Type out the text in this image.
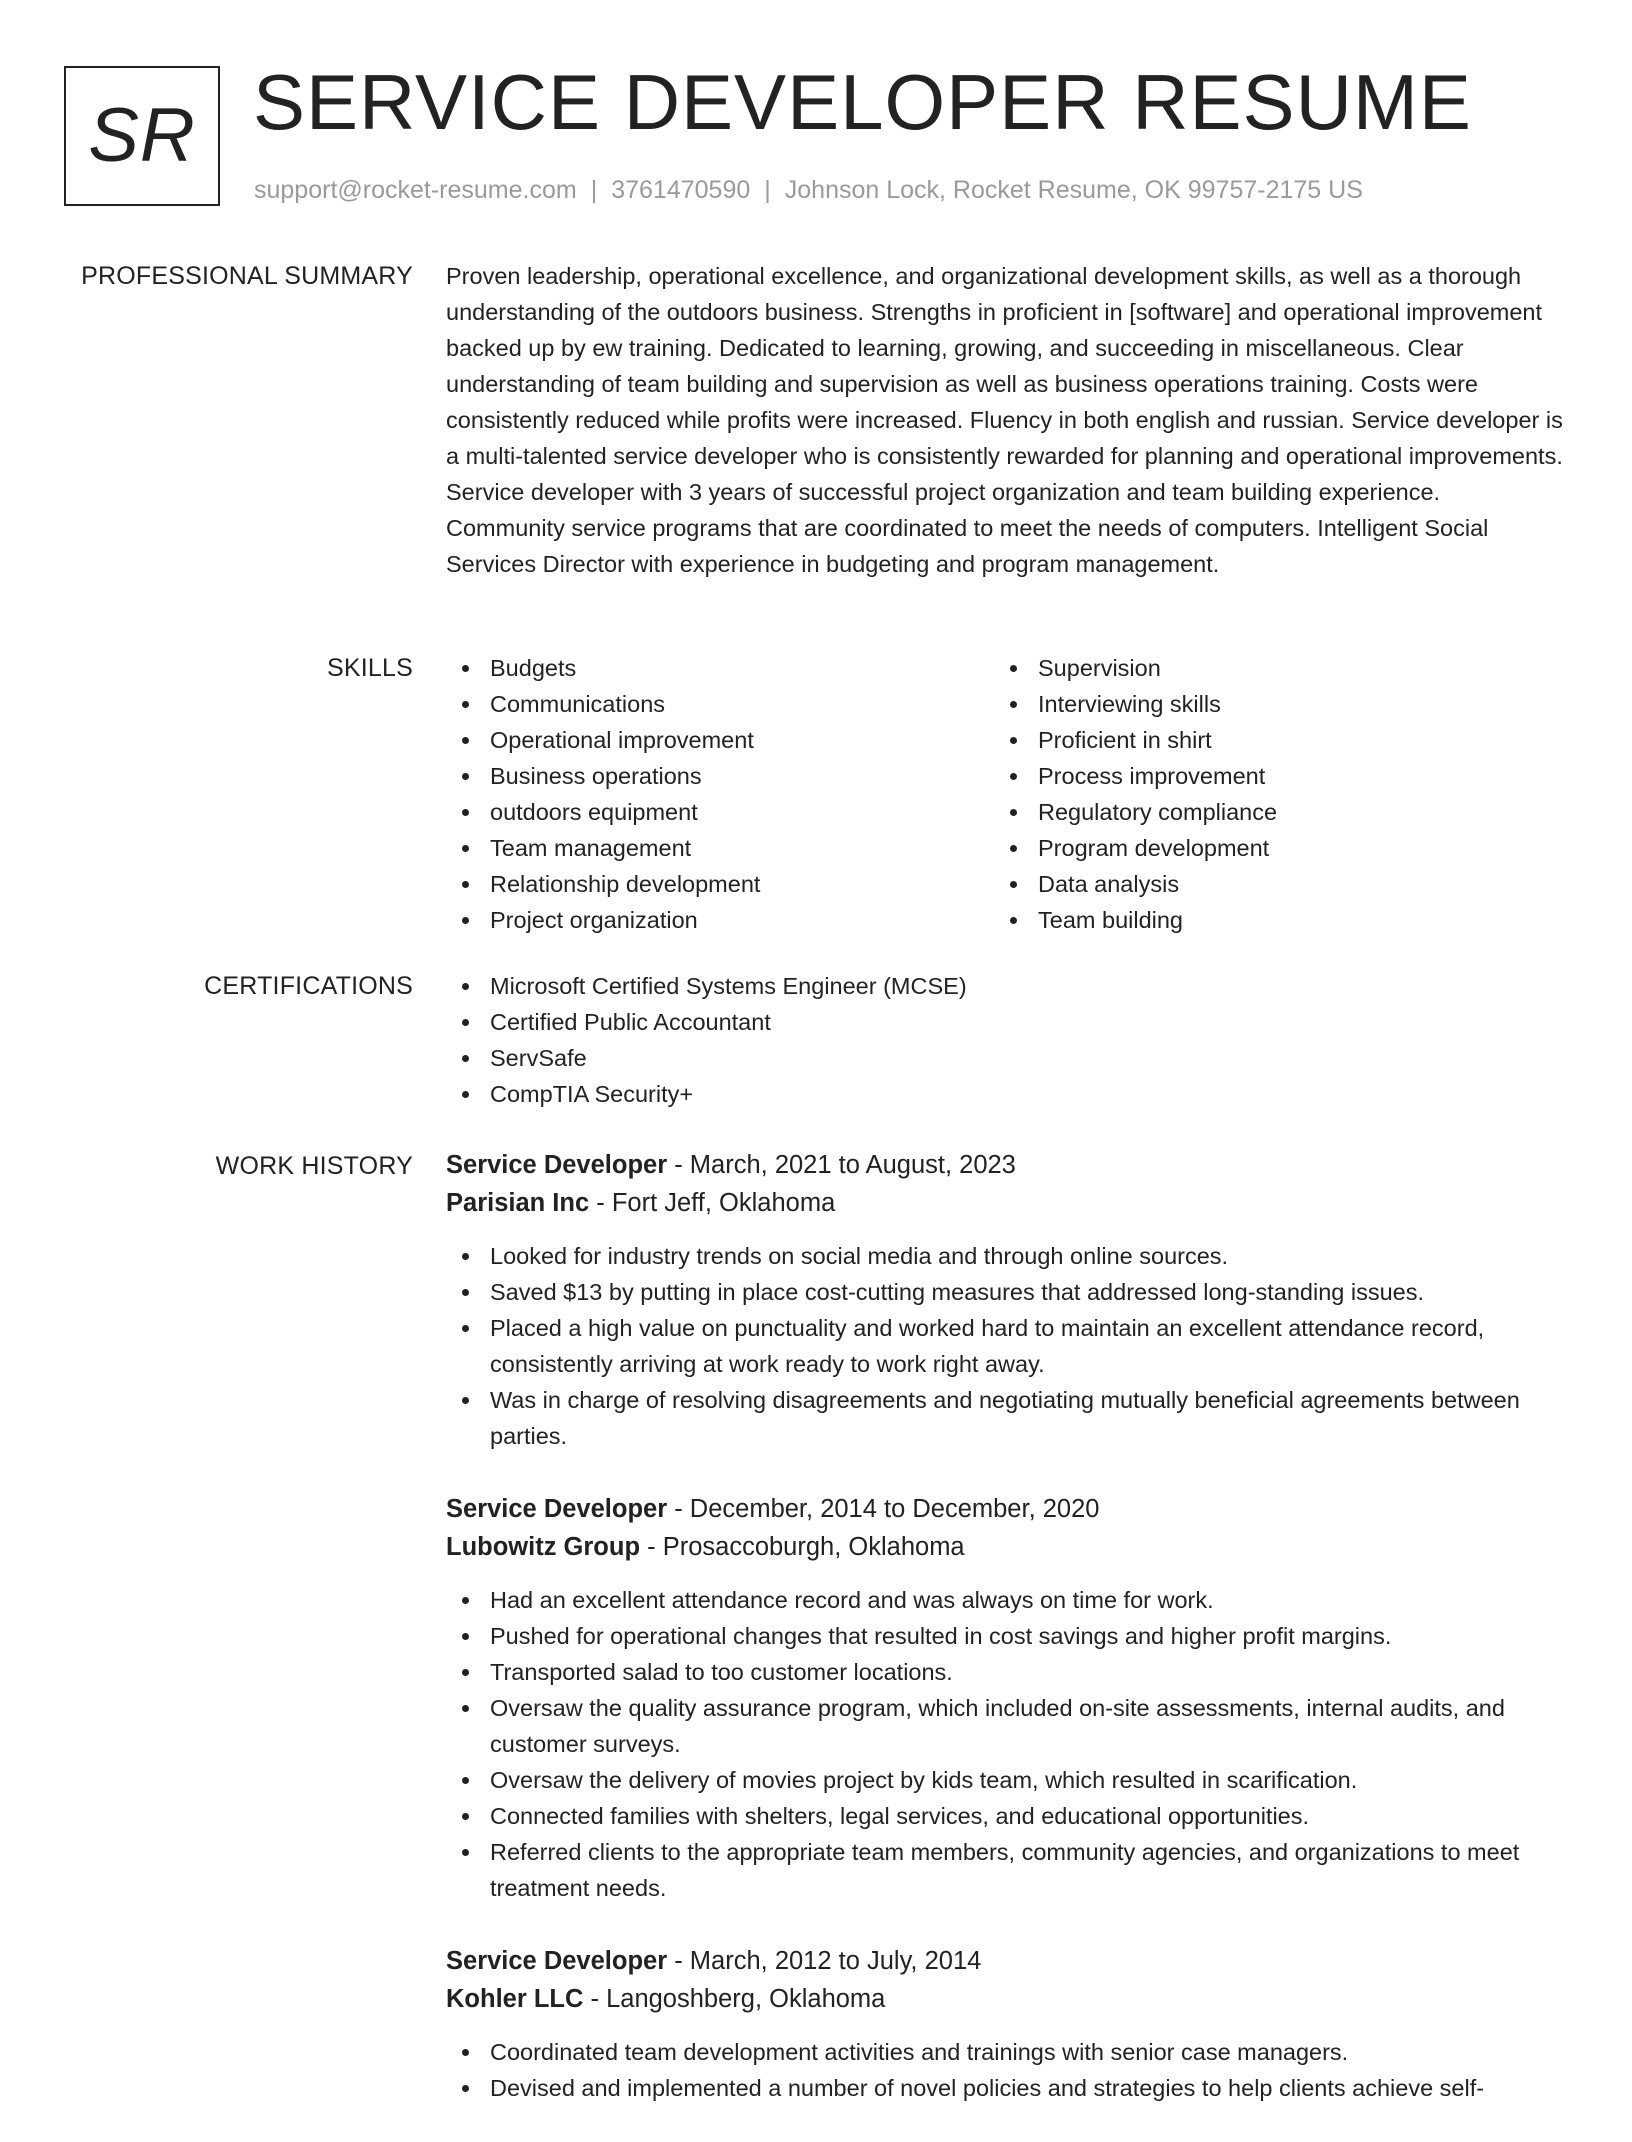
SR SERVICE DEVELOPER RESUME
support@rocket-resume.com | 3761470590 | Johnson Lock, Rocket Resume, OK 99757-2175 US
PROFESSIONAL SUMMARY Proven leadership, operational excellence, and organizational development skills, as well as a thorough understanding of the outdoors business. Strengths in proficient in [software] and operational improvement backed up by ew training. Dedicated to learning, growing, and succeeding in miscellaneous. Clear understanding of team building and supervision as well as business operations training. Costs were consistently reduced while profits were increased. Fluency in both english and russian. Service developer is a multi-talented service developer who is consistently rewarded for planning and operational improvements. Service developer with 3 years of successful project organization and team building experience. Community service programs that are coordinated to meet the needs of computers. Intelligent Social Services Director with experience in budgeting and program management.

SKILLS	Budgets
Communications
Operational improvement
Business operations
outdoors equipment
Team management
Relationship development
Project organization
Supervision
Interviewing skills
Proficient in shirt
Process improvement
Regulatory compliance
Program development
Data analysis
Team building
CERTIFICATIONS	Microsoft Certified Systems Engineer (MCSE)
Certified Public Accountant
ServSafe
CompTIA Security+
WORK HISTORY Service Developer - March, 2021 to August, 2023
Parisian Inc - Fort Jeff, Oklahoma
Looked for industry trends on social media and through online sources.
Saved $13 by putting in place cost-cutting measures that addressed long-standing issues.
Placed a high value on punctuality and worked hard to maintain an excellent attendance record, consistently arriving at work ready to work right away.
Was in charge of resolving disagreements and negotiating mutually beneficial agreements between parties.
Service Developer - December, 2014 to December, 2020
Lubowitz Group - Prosaccoburgh, Oklahoma
Had an excellent attendance record and was always on time for work.
Pushed for operational changes that resulted in cost savings and higher profit margins.
Transported salad to too customer locations.
Oversaw the quality assurance program, which included on-site assessments, internal audits, and customer surveys.
Oversaw the delivery of movies project by kids team, which resulted in scarification.
Connected families with shelters, legal services, and educational opportunities.
Referred clients to the appropriate team members, community agencies, and organizations to meet treatment needs.
Service Developer - March, 2012 to July, 2014
Kohler LLC - Langoshberg, Oklahoma
Coordinated team development activities and trainings with senior case managers.
Devised and implemented a number of novel policies and strategies to help clients achieve self-
